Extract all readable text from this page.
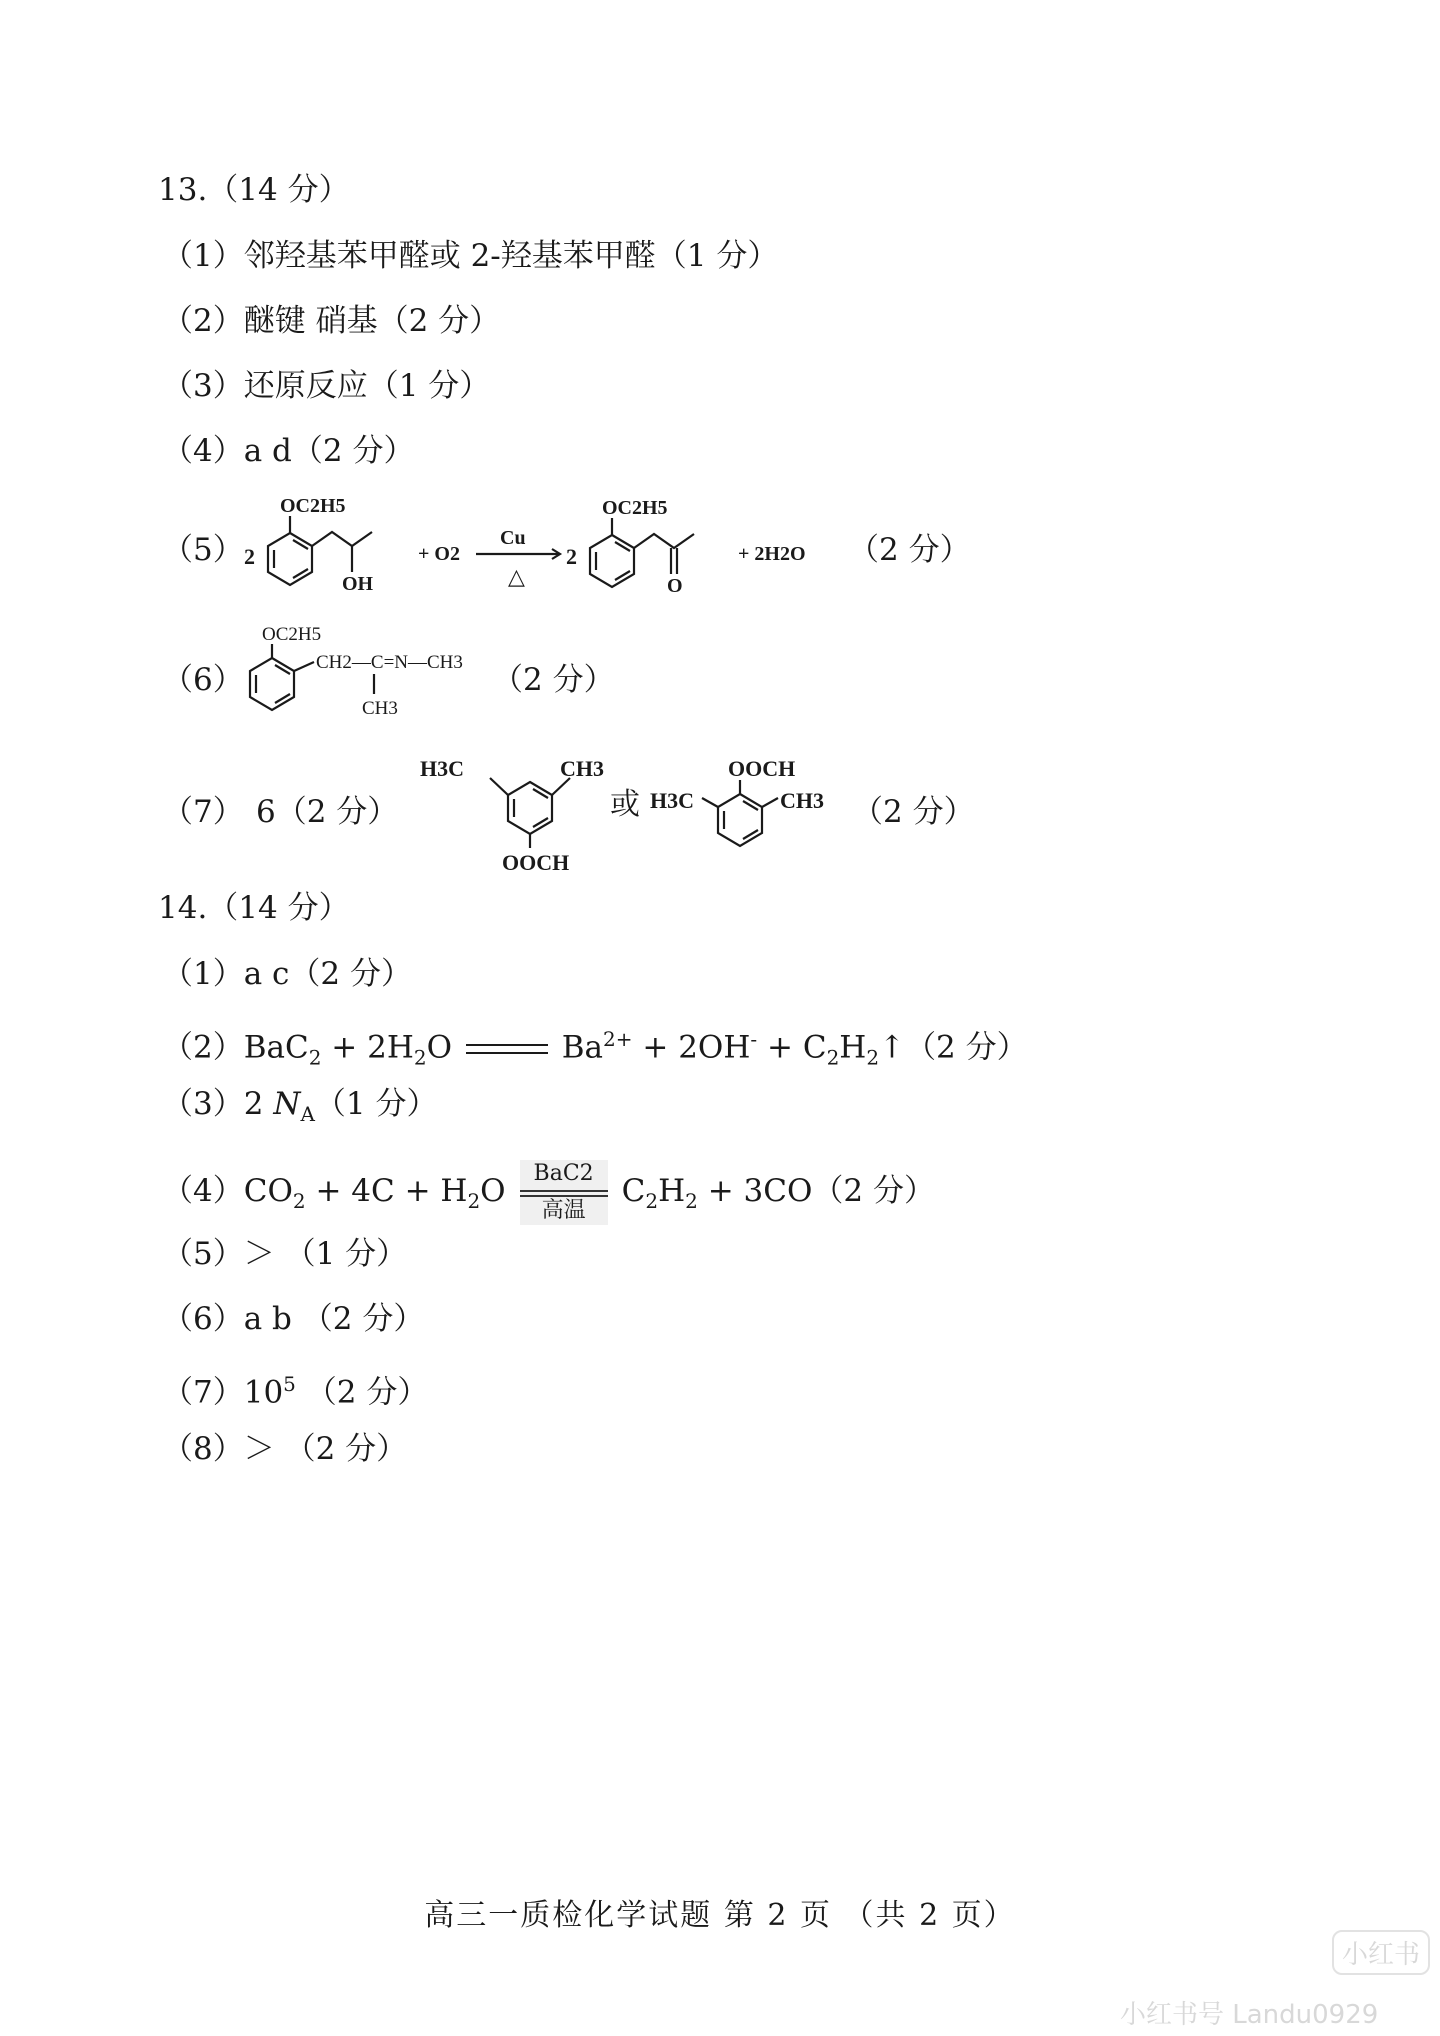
13.（14 分）
（1）邻羟基苯甲醛或 2-羟基苯甲醛（1 分）
（2）醚键 硝基（2 分）
（3）还原反应（1 分）
（4）a d（2 分）
（5） 2
OC2H5
OH
+ O2
Cu
△
2
OC2H5
O
+ 2H2O （2 分）
（6）
OC2H5
CH2—C=N—CH3
CH3
（2 分）
（7） 6（2 分）
H3C	CH3
OOCH
或
OOCH
H3C	CH3 （2 分）
14.（14 分）
（1）a c（2 分）
$(2)BaC_2 + 2H_2O$	$Ba^{2+} + 2OH^-$ + $C_2H_2↑(2$ 分）
（3）2 $N_A(1$ 分）
$(4)CO_2 + 4C + H_2O$	BaC2
高温
$C_2H_2 + 3CO(2$ 分）
（5）＞ （1 分）
（6）a b （2 分）
$(7)10^5$ （2 分）
（8）＞ （2 分）
高三一质检化学试题 第 2 页 （共 2 页）
小红书
小红书号 Landu0929
